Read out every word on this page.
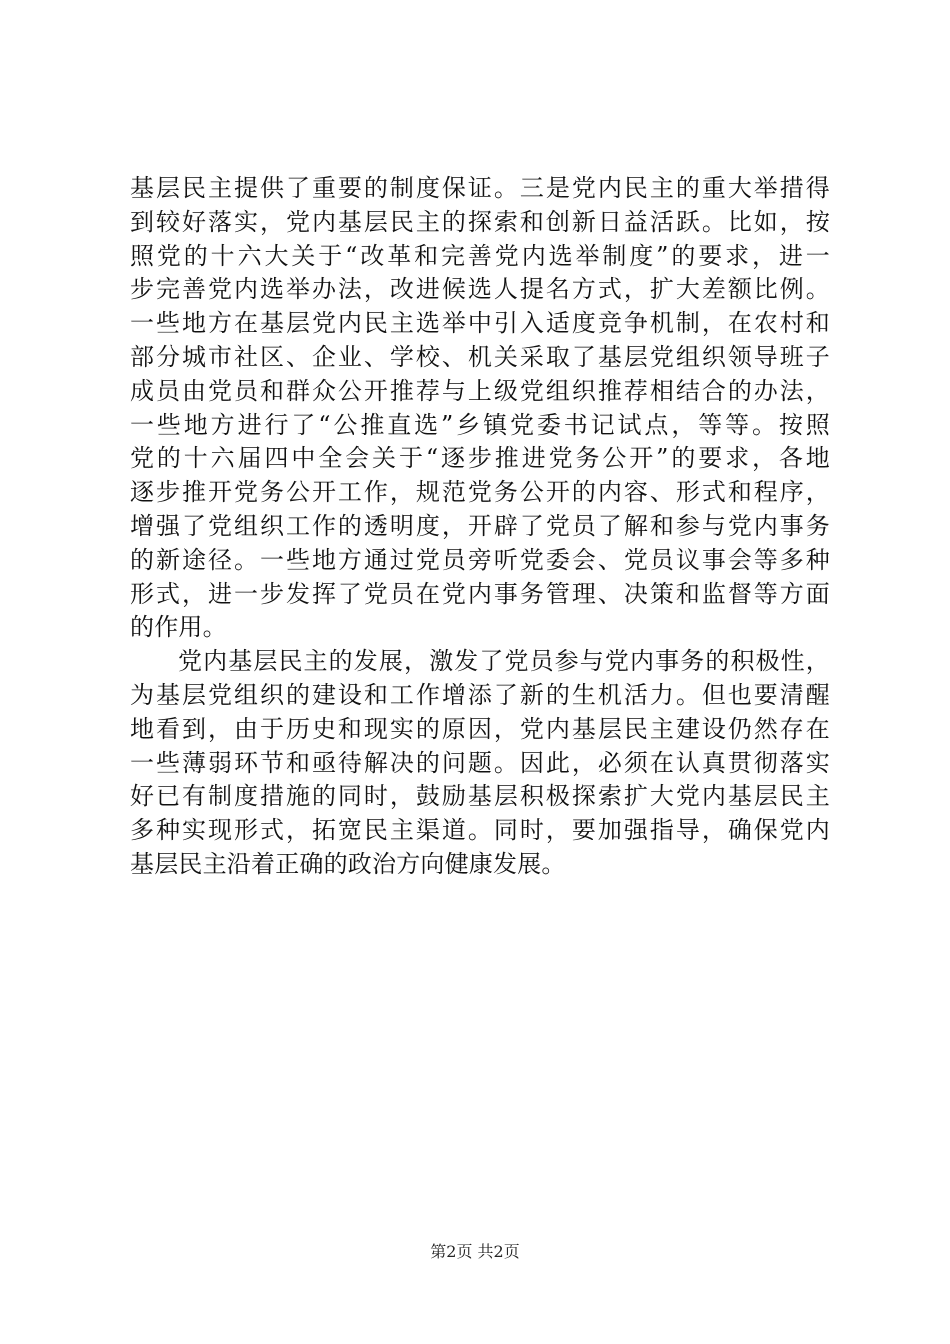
基层民主提供了重要的制度保证。三是党内民主的重大举措得
到较好落实，党内基层民主的探索和创新日益活跃。比如，按
照党的十六大关于“改革和完善党内选举制度”的要求，进一
步完善党内选举办法，改进候选人提名方式，扩大差额比例。
一些地方在基层党内民主选举中引入适度竞争机制，在农村和
部分城市社区、企业、学校、机关采取了基层党组织领导班子
成员由党员和群众公开推荐与上级党组织推荐相结合的办法，
一些地方进行了“公推直选”乡镇党委书记试点，等等。按照
党的十六届四中全会关于“逐步推进党务公开”的要求，各地
逐步推开党务公开工作，规范党务公开的内容、形式和程序，
增强了党组织工作的透明度，开辟了党员了解和参与党内事务
的新途径。一些地方通过党员旁听党委会、党员议事会等多种
形式，进一步发挥了党员在党内事务管理、决策和监督等方面
的作用。
党内基层民主的发展，激发了党员参与党内事务的积极性，
为基层党组织的建设和工作增添了新的生机活力。但也要清醒
地看到，由于历史和现实的原因，党内基层民主建设仍然存在
一些薄弱环节和亟待解决的问题。因此，必须在认真贯彻落实
好已有制度措施的同时，鼓励基层积极探索扩大党内基层民主
多种实现形式，拓宽民主渠道。同时，要加强指导，确保党内
基层民主沿着正确的政治方向健康发展。
第2页 共2页
